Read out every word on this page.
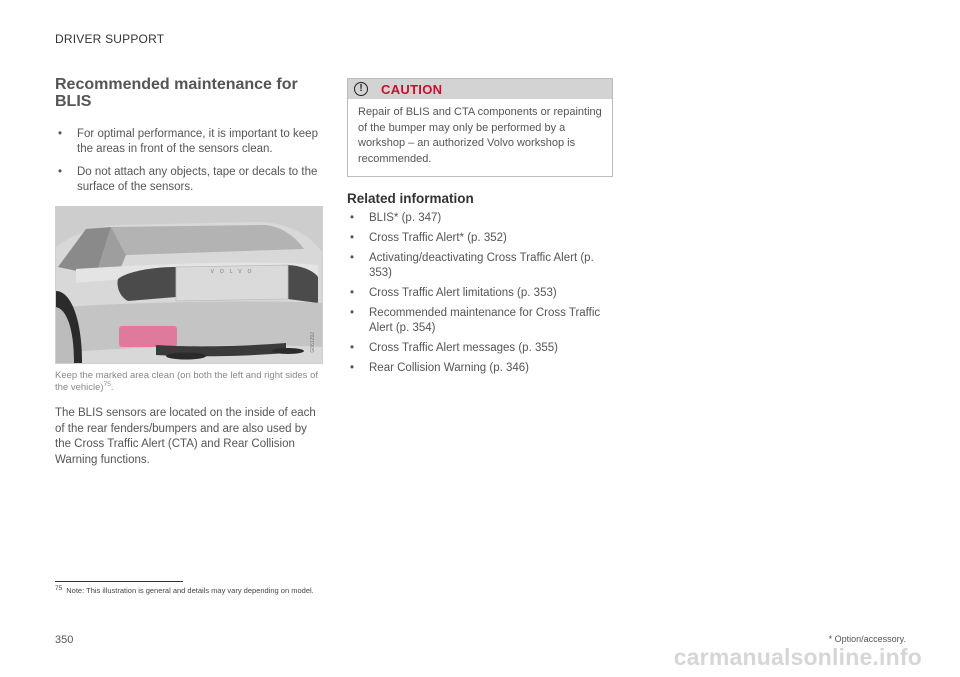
DRIVER SUPPORT
Recommended maintenance for BLIS
• For optimal performance, it is important to keep the areas in front of the sensors clean.
• Do not attach any objects, tape or decals to the surface of the sensors.
VOLVO
G061292

Keep the marked area clean (on both the left and right sides of the vehicle)$^{75}$.

The BLIS sensors are located on the inside of each of the rear fenders/bumpers and are also used by the Cross Traffic Alert (CTA) and Rear Collision Warning functions.

!	CAUTION

Repair of BLIS and CTA components or repainting of the bumper may only be performed by a workshop – an authorized Volvo workshop is recommended.

Related information
• BLIS* (p. 347)
• Cross Traffic Alert* (p. 352)
• Activating/deactivating Cross Traffic Alert (p. 353)
• Cross Traffic Alert limitations (p. 353)
• Recommended maintenance for Cross Traffic Alert (p. 354)
• Cross Traffic Alert messages (p. 355)
• Rear Collision Warning (p. 346)

$^{75}$ Note: This illustration is general and details may vary depending on model.

350	* Option/accessory.
carmanualsonline.info
